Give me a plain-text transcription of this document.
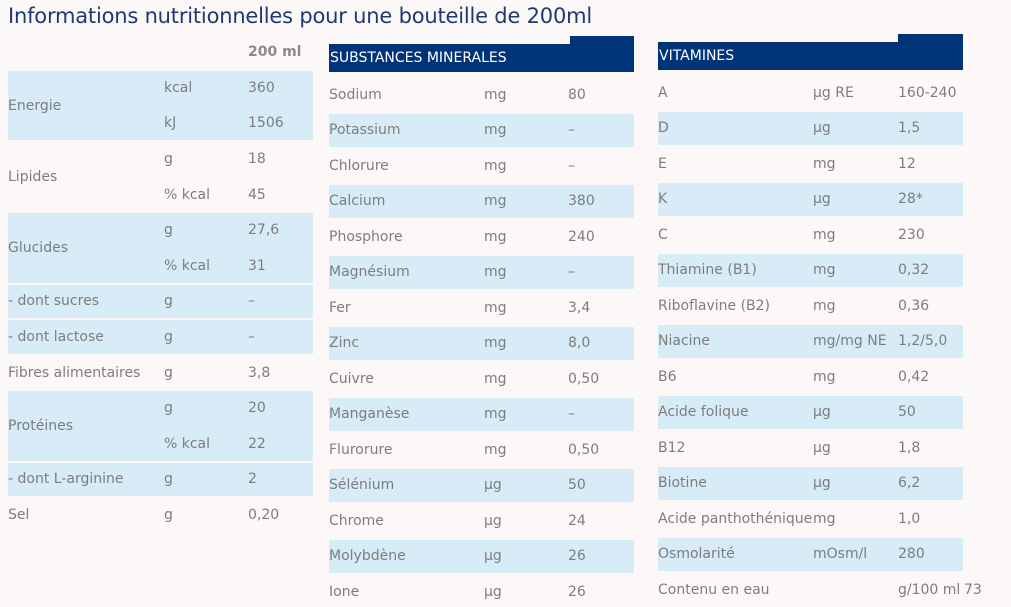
Informations nutritionnelles pour une bouteille de 200ml
200 ml
Energie
kcal	360
kJ	1506
Lipides
g	18
% kcal	45
Glucides
g	27,6
% kcal	31
- dont sucres	g	–
- dont lactose	g	–
Fibres alimentaires g	3,8
Protéines
g	20
% kcal	22
- dont L-arginine	g	2
Sel	g	0,20
SUBSTANCES MINERALES
Sodium	mg	80
Potassium	mg	–
Chlorure	mg	–
Calcium	mg	380
Phosphore	mg	240
Magnésium	mg	–
Fer	mg	3,4
Zinc	mg	8,0
Cuivre	mg	0,50
Manganèse	mg	–
Flurorure	mg	0,50
Sélénium	µg	50
Chrome	µg	24
Molybdène	µg	26
Ione	µg	26
VITAMINES
A	µg RE	160-240
D	µg	1,5
E	mg	12
K	µg	28*
C	mg	230
Thiamine (B1)	mg	0,32
Riboflavine (B2)	mg	0,36
Niacine	mg/mg NE 1,2/5,0
B6	mg	0,42
Acide folique	µg	50
B12	µg	1,8
Biotine	µg	6,2
Acide panthothénique mg	1,0
Osmolarité	mOsm/l 280
Contenu en eau	g/100 ml 73
